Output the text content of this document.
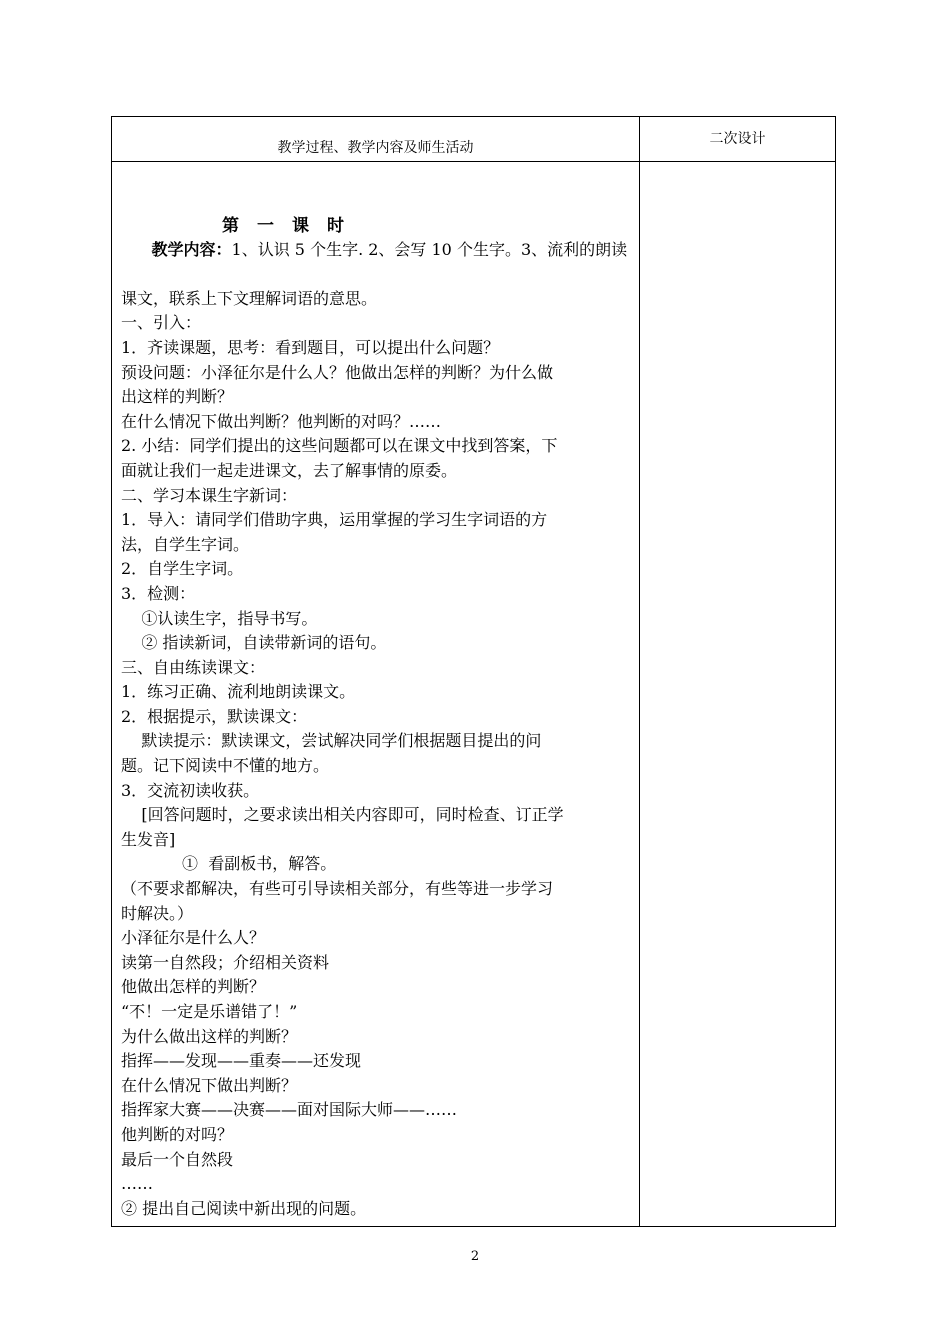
教学过程、教学内容及师生活动
二次设计
第一课时

教学内容：1、认识 5 个生字. 2、会写 10 个生字。3、流利的朗读

课文，联系上下文理解词语的意思。
一、引入：
1．齐读课题，思考：看到题目，可以提出什么问题？
预设问题：小泽征尔是什么人？他做出怎样的判断？为什么做
出这样的判断？
在什么情况下做出判断？他判断的对吗？……
2. 小结：同学们提出的这些问题都可以在课文中找到答案，下
面就让我们一起走进课文，去了解事情的原委。
二、学习本课生字新词：
1．导入：请同学们借助字典，运用掌握的学习生字词语的方
法，自学生字词。
2．自学生字词。
3．检测：
①认读生字，指导书写。
② 指读新词，自读带新词的语句。
三、自由练读课文：
1．练习正确、流利地朗读课文。
2．根据提示，默读课文：
默读提示：默读课文，尝试解决同学们根据题目提出的问
题。记下阅读中不懂的地方。
3．交流初读收获。
[回答问题时，之要求读出相关内容即可，同时检查、订正学
生发音]
①  看副板书，解答。
（不要求都解决，有些可引导读相关部分，有些等进一步学习
时解决。）
小泽征尔是什么人？
读第一自然段；介绍相关资料
他做出怎样的判断？
“不！一定是乐谱错了！”
为什么做出这样的判断？
指挥——发现——重奏——还发现
在什么情况下做出判断？
指挥家大赛——决赛——面对国际大师——……
他判断的对吗？
最后一个自然段
……
② 提出自己阅读中新出现的问题。
2
